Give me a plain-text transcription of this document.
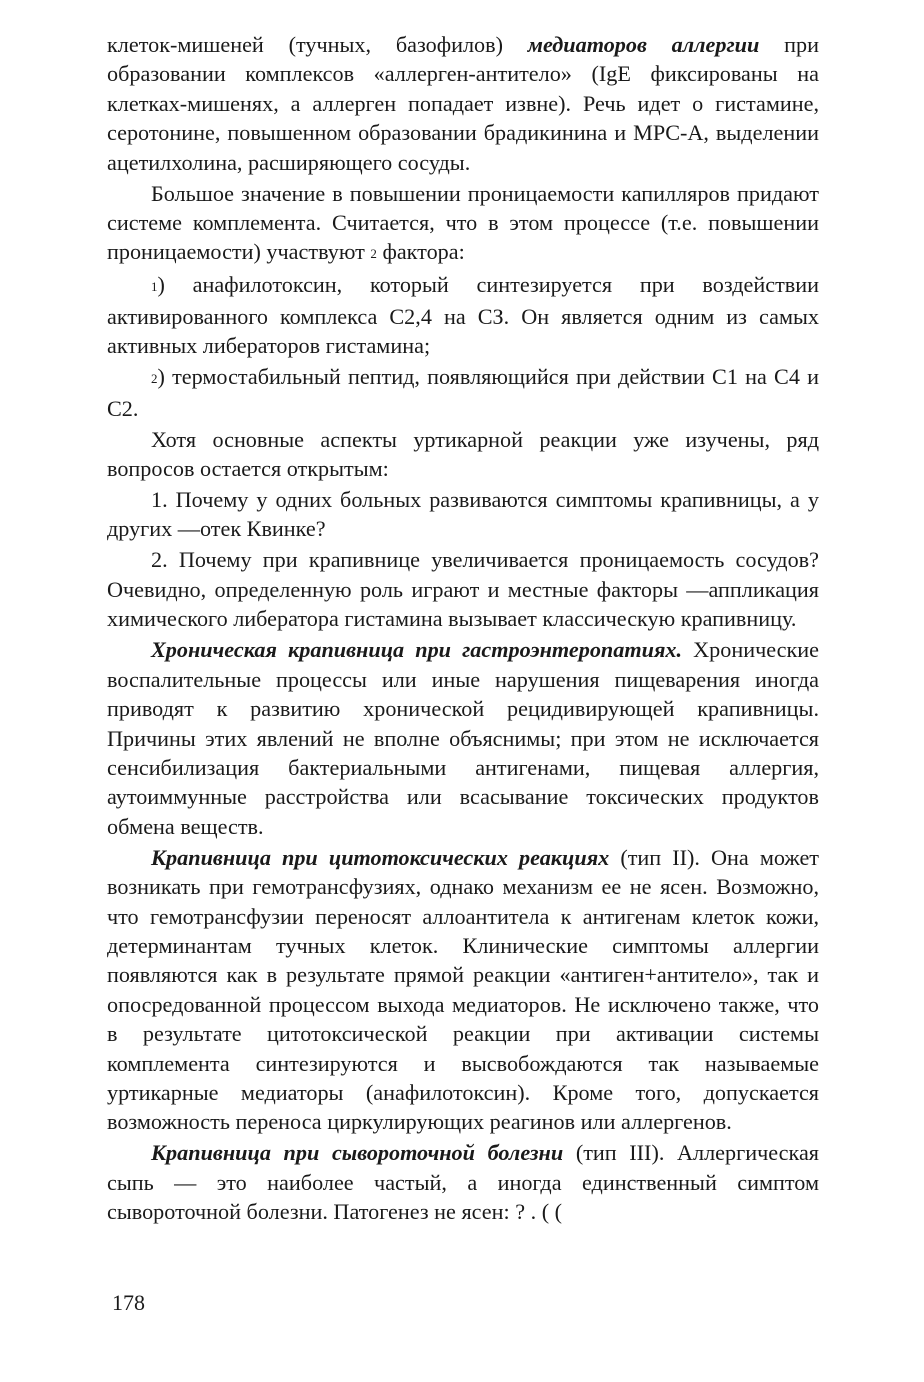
клеток-мишеней (тучных, базофилов) медиаторов аллергии при образовании комплексов «аллерген-антитело» (IgE фиксированы на клетках-мишенях, а аллерген попадает извне). Речь идет о гистамине, серотонине, повышенном образовании брадикинина и MPC-A, выделении ацетилхолина, расширяющего сосуды.

Большое значение в повышении проницаемости капилляров придают системе комплемента. Считается, что в этом процессе (т.е. повышении проницаемости) участвуют 2 фактора:

1) анафилотоксин, который синтезируется при воздействии активированного комплекса С2,4 на СЗ. Он является одним из самых активных либераторов гистамина;

2) термостабильный пептид, появляющийся при действии С1 на С4 и С2.

Хотя основные аспекты уртикарной реакции уже изучены, ряд вопросов остается открытым:

1. Почему у одних больных развиваются симптомы крапивницы, а у других —отек Квинке?

2. Почему при крапивнице увеличивается проницаемость сосудов? Очевидно, определенную роль играют и местные факторы —аппликация химического либератора гистамина вызывает классическую крапивницу.

Хроническая крапивница при гастроэнтеропатиях. Хронические воспалительные процессы или иные нарушения пищеварения иногда приводят к развитию хронической рецидивирующей крапивницы. Причины этих явлений не вполне объяснимы; при этом не исключается сенсибилизация бактериальными антигенами, пищевая аллергия, аутоиммунные расстройства или всасывание токсических продуктов обмена веществ.

Крапивница при цитотоксических реакциях (тип II). Она может возникать при гемотрансфузиях, однако механизм ее не ясен. Возможно, что гемотрансфузии переносят аллоантитела к антигенам клеток кожи, детерминантам тучных клеток. Клинические симптомы аллергии появляются как в результате прямой реакции «антиген+антитело», так и опосредованной процессом выхода медиаторов. Не исключено также, что в результате цитотоксической реакции при активации системы комплемента синтезируются и высвобождаются так называемые уртикарные медиаторы (анафилотоксин). Кроме того, допускается возможность переноса циркулирующих реагинов или аллергенов.

Крапивница при сывороточной болезни (тип III). Аллергическая сыпь — это наиболее частый, а иногда единственный симптом сывороточной болезни. Патогенез не ясен: ? . ( (

178
